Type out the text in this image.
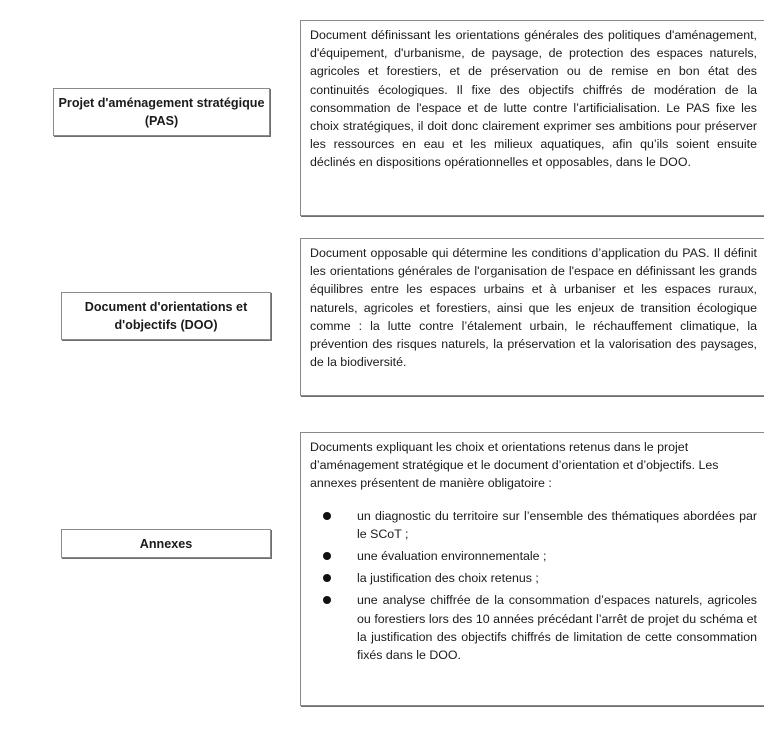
Projet d'aménagement stratégique (PAS)

Document définissant les orientations générales des politiques d'aménagement, d'équipement, d'urbanisme, de paysage, de protection des espaces naturels, agricoles et forestiers, et de préservation ou de remise en bon état des continuités écologiques. Il fixe des objectifs chiffrés de modération de la consommation de l'espace et de lutte contre l’artificialisation. Le PAS fixe les choix stratégiques, il doit donc clairement exprimer ses ambitions pour préserver les ressources en eau et les milieux aquatiques, afin qu’ils soient ensuite déclinés en dispositions opérationnelles et opposables, dans le DOO.

Document d'orientations et d'objectifs (DOO)

Document opposable qui détermine les conditions d’application du PAS. Il définit les orientations générales de l'organisation de l'espace en définissant les grands équilibres entre les espaces urbains et à urbaniser et les espaces ruraux, naturels, agricoles et forestiers, ainsi que les enjeux de transition écologique comme : la lutte contre l’étalement urbain, le réchauffement climatique, la prévention des risques naturels, la préservation et la valorisation des paysages, de la biodiversité.

Annexes

Documents expliquant les choix et orientations retenus dans le projet d’aménagement stratégique et le document d’orientation et d’objectifs. Les annexes présentent de manière obligatoire :

un diagnostic du territoire sur l’ensemble des thématiques abordées par le SCoT ;
une évaluation environnementale ;
la justification des choix retenus ;
une analyse chiffrée de la consommation d’espaces naturels, agricoles ou forestiers lors des 10 années précédant l’arrêt de projet du schéma et la justification des objectifs chiffrés de limitation de cette consommation fixés dans le DOO.
